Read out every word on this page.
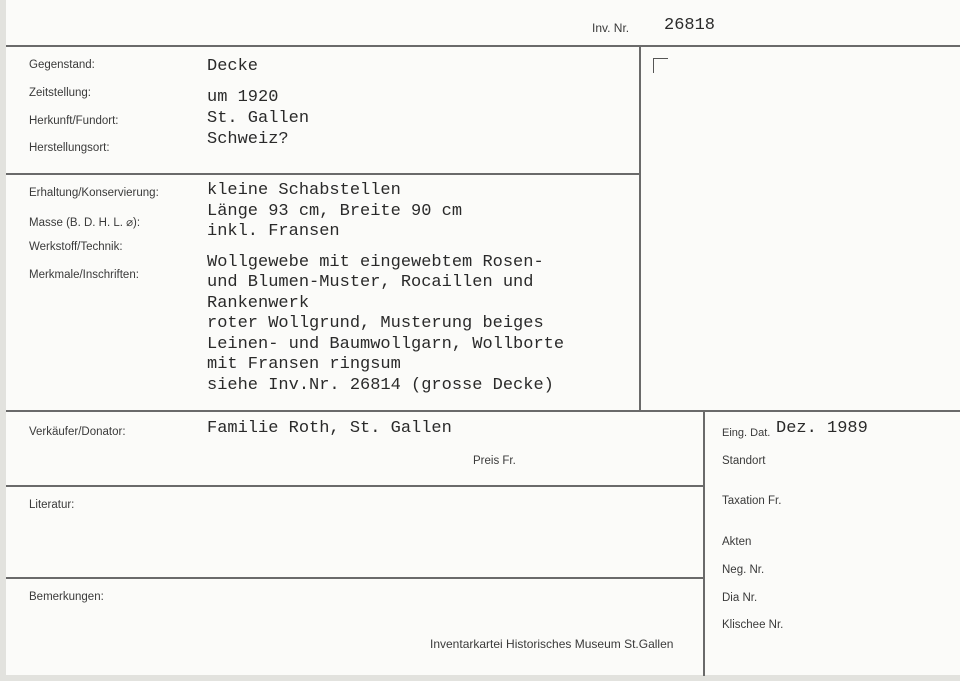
Inv. Nr. 26818
Gegenstand:
Zeitstellung:
Herkunft/Fundort:
Herstellungsort:
Decke
um 1920
St. Gallen
Schweiz?
Erhaltung/Konservierung:
Masse (B. D. H. L. ⌀):
Werkstoff/Technik:
Merkmale/Inschriften:
kleine Schabstellen
Länge 93 cm, Breite 90 cm
inkl. Fransen
Wollgewebe mit eingewebtem Rosen-
und Blumen-Muster, Rocaillen und
Rankenwerk
roter Wollgrund, Musterung beiges
Leinen- und Baumwollgarn, Wollborte
mit Fransen ringsum
siehe Inv.Nr. 26814 (grosse Decke)
Verkäufer/Donator:	Familie Roth, St. Gallen
Preis Fr.
Literatur:
Bemerkungen:
Inventarkartei Historisches Museum St.Gallen
Eing. Dat. Dez. 1989
Standort
Taxation Fr.
Akten
Neg. Nr.
Dia Nr.
Klischee Nr.
